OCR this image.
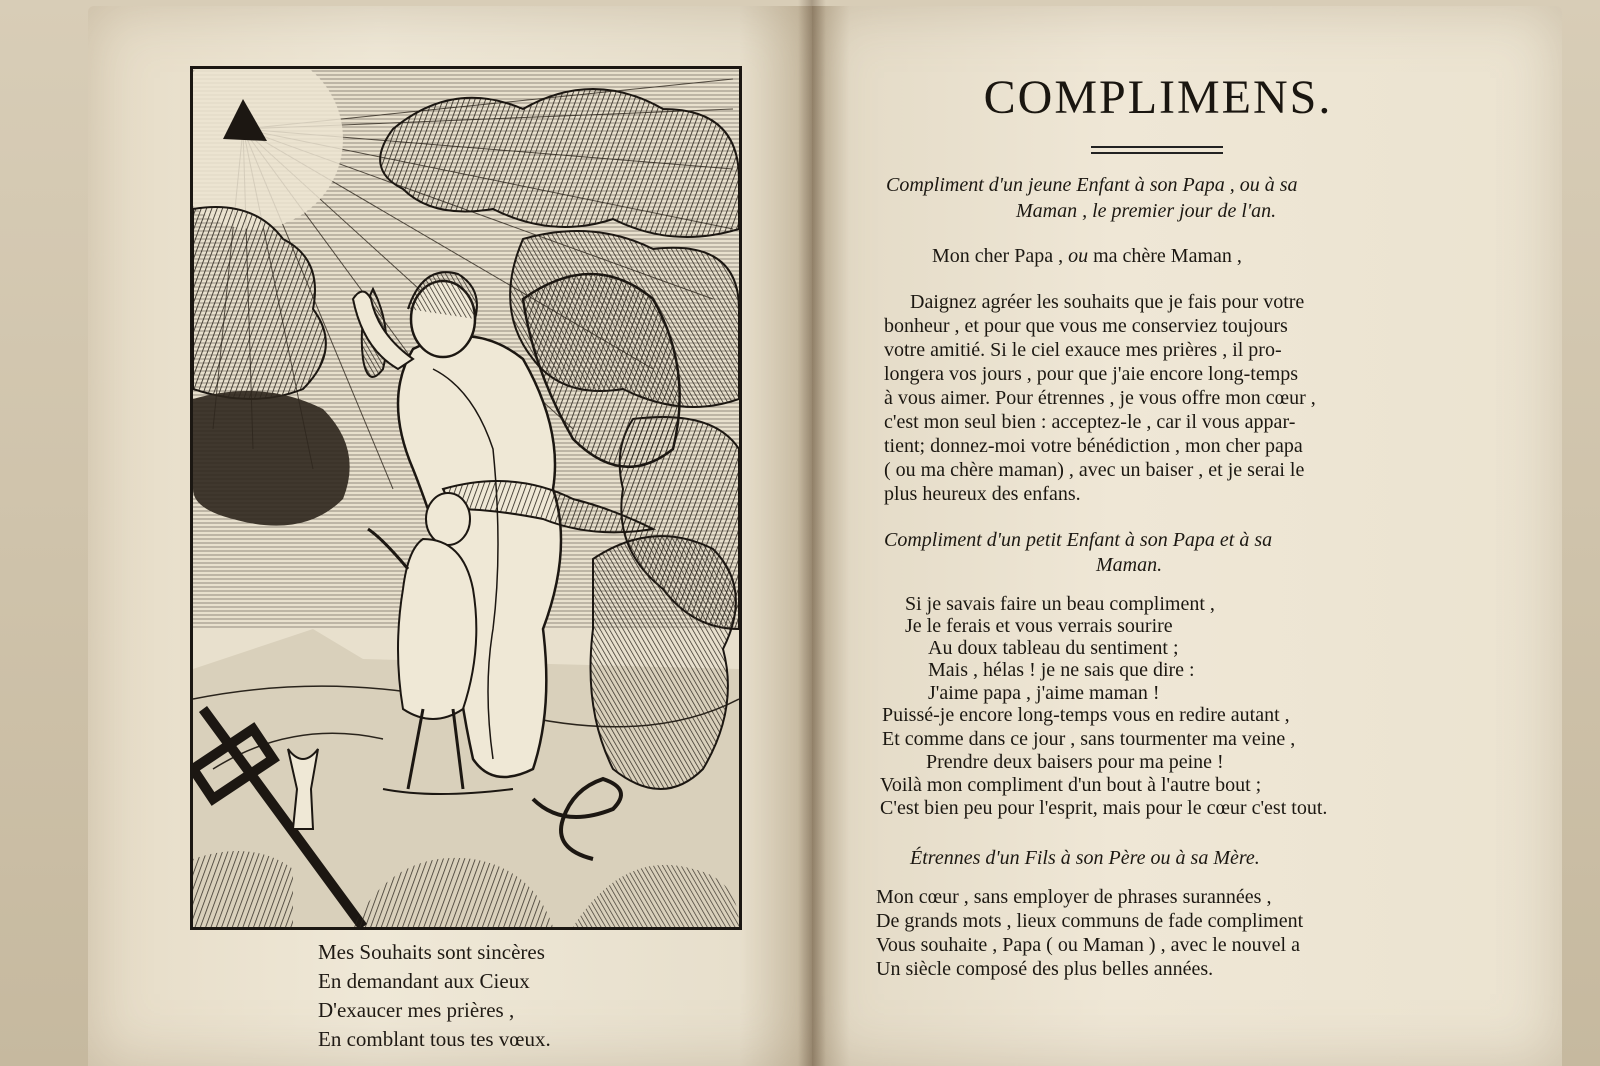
Mes Souhaits sont sincères
En demandant aux Cieux
D'exaucer mes prières ,
En comblant tous tes vœux.
COMPLIMENS.
Compliment d'un jeune Enfant à son Papa , ou à sa
Maman , le premier jour de l'an.
Mon cher Papa , ou ma chère Maman ,
Daignez agréer les souhaits que je fais pour votre
bonheur , et pour que vous me conserviez toujours
votre amitié. Si le ciel exauce mes prières , il pro-
longera vos jours , pour que j'aie encore long-temps
à vous aimer. Pour étrennes , je vous offre mon cœur ,
c'est mon seul bien : acceptez-le , car il vous appar-
tient; donnez-moi votre bénédiction , mon cher papa
( ou ma chère maman) , avec un baiser , et je serai le
plus heureux des enfans.
Compliment d'un petit Enfant à son Papa et à sa
Maman.
Si je savais faire un beau compliment ,
Je le ferais et vous verrais sourire
Au doux tableau du sentiment ;
Mais , hélas ! je ne sais que dire :
J'aime papa , j'aime maman !
Puissé-je encore long-temps vous en redire autant ,
Et comme dans ce jour , sans tourmenter ma veine ,
Prendre deux baisers pour ma peine !
Voilà mon compliment d'un bout à l'autre bout ;
C'est bien peu pour l'esprit, mais pour le cœur c'est tout.
Étrennes d'un Fils à son Père ou à sa Mère.
Mon cœur , sans employer de phrases surannées ,
De grands mots , lieux communs de fade compliment
Vous souhaite , Papa ( ou Maman ) , avec le nouvel a
Un siècle composé des plus belles années.
